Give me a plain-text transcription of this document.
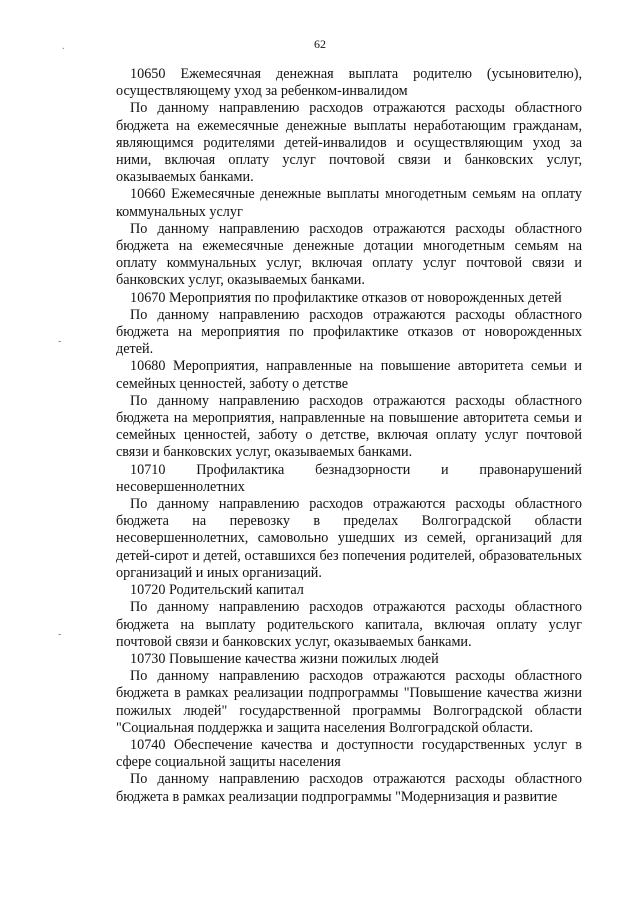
62
.
-
-

10650 Ежемесячная денежная выплата родителю (усыновителю), осуществляющему уход за ребенком-инвалидом

По данному направлению расходов отражаются расходы областного бюджета на ежемесячные денежные выплаты неработающим гражданам, являющимся родителями детей-инвалидов и осуществляющим уход за ними, включая оплату услуг почтовой связи и банковских услуг, оказываемых банками.

10660 Ежемесячные денежные выплаты многодетным семьям на оплату коммунальных услуг

По данному направлению расходов отражаются расходы областного бюджета на ежемесячные денежные дотации многодетным семьям на оплату коммунальных услуг, включая оплату услуг почтовой связи и банковских услуг, оказываемых банками.

10670 Мероприятия по профилактике отказов от новорожденных детей

По данному направлению расходов отражаются расходы областного бюджета на мероприятия по профилактике отказов от новорожденных детей.

10680 Мероприятия, направленные на повышение авторитета семьи и семейных ценностей, заботу о детстве

По данному направлению расходов отражаются расходы областного бюджета на мероприятия, направленные на повышение авторитета семьи и семейных ценностей, заботу о детстве, включая оплату услуг почтовой связи и банковских услуг, оказываемых банками.

10710 Профилактика безнадзорности и правонарушений несовершеннолетних

По данному направлению расходов отражаются расходы областного бюджета на перевозку в пределах Волгоградской области несовершеннолетних, самовольно ушедших из семей, организаций для детей-сирот и детей, оставшихся без попечения родителей, образовательных организаций и иных организаций.

10720 Родительский капитал

По данному направлению расходов отражаются расходы областного бюджета на выплату родительского капитала, включая оплату услуг почтовой связи и банковских услуг, оказываемых банками.

10730 Повышение качества жизни пожилых людей

По данному направлению расходов отражаются расходы областного бюджета в рамках реализации подпрограммы "Повышение качества жизни пожилых людей" государственной программы Волгоградской области "Социальная поддержка и защита населения Волгоградской области.

10740 Обеспечение качества и доступности государственных услуг в сфере социальной защиты населения

По данному направлению расходов отражаются расходы областного бюджета в рамках реализации подпрограммы "Модернизация и развитие
